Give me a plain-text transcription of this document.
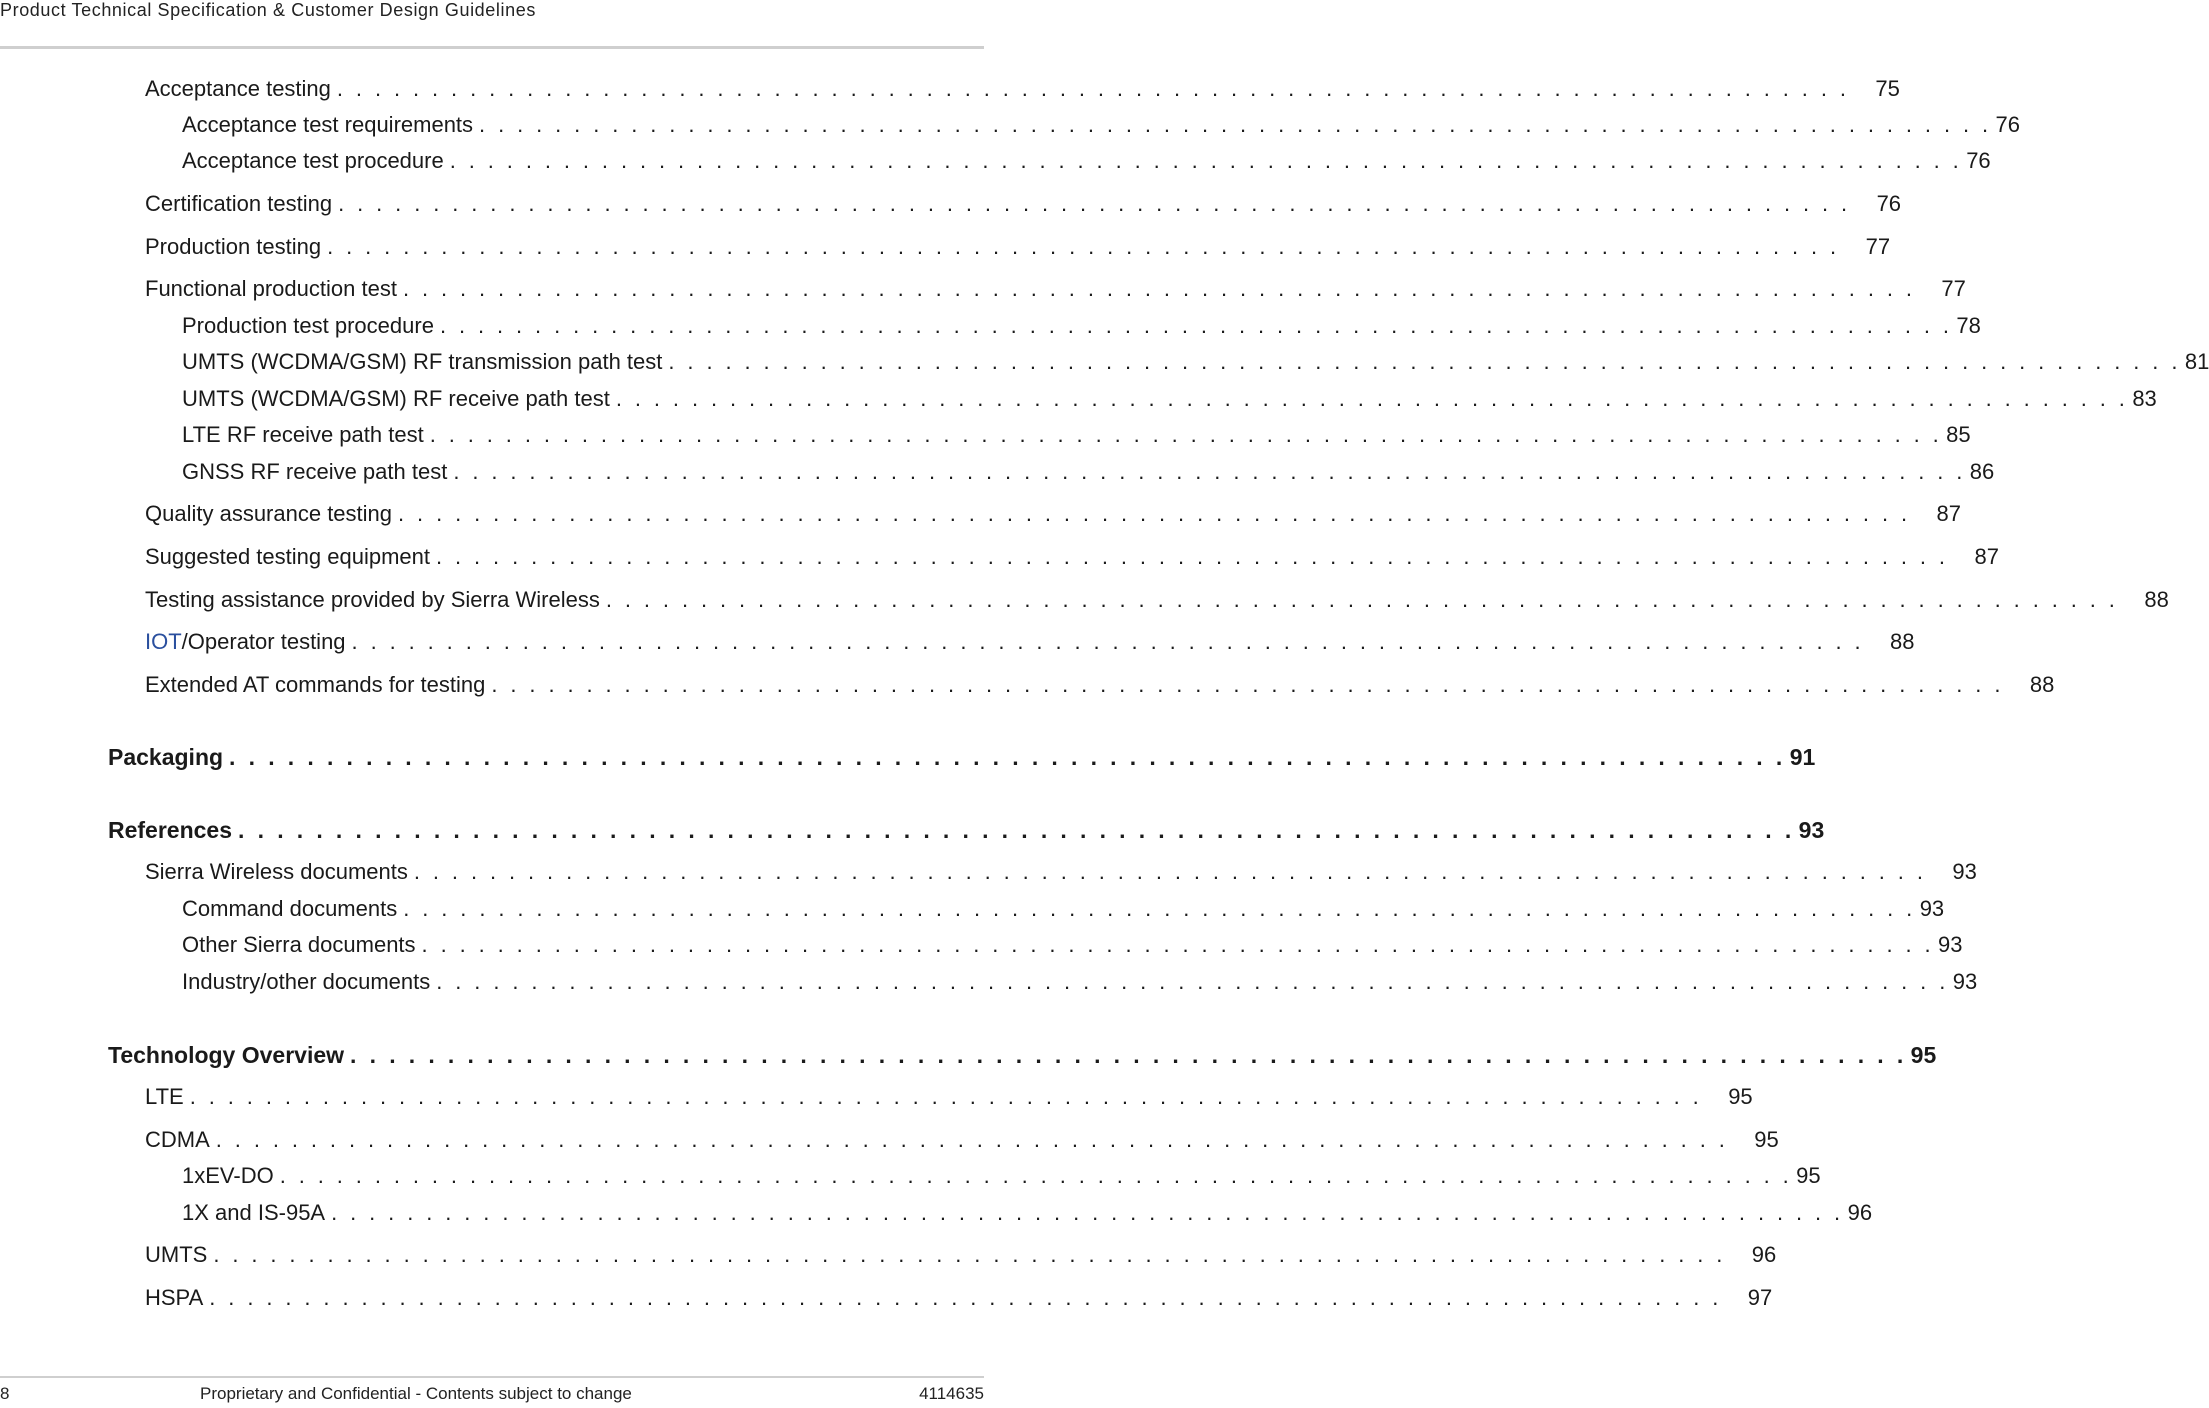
Product Technical Specification & Customer Design Guidelines
Acceptance testing . . . . . . . . . . . . . . . . . . . . . . . . . . . . . . . . . . . . . . . . . . . . . . . . . . . . . . . . . . . . . . . . . . . . . . . . . . . . . . . .	75
Acceptance test requirements . . . . . . . . . . . . . . . . . . . . . . . . . . . . . . . . . . . . . . . . . . . . . . . . . . . . . . . . . . . . . . . . . . . . . . . . . . . . . . . . 76
Acceptance test procedure . . . . . . . . . . . . . . . . . . . . . . . . . . . . . . . . . . . . . . . . . . . . . . . . . . . . . . . . . . . . . . . . . . . . . . . . . . . . . . . . 76
Certification testing . . . . . . . . . . . . . . . . . . . . . . . . . . . . . . . . . . . . . . . . . . . . . . . . . . . . . . . . . . . . . . . . . . . . . . . . . . . . . . . .	76
Production testing . . . . . . . . . . . . . . . . . . . . . . . . . . . . . . . . . . . . . . . . . . . . . . . . . . . . . . . . . . . . . . . . . . . . . . . . . . . . . . . .	77
Functional production test . . . . . . . . . . . . . . . . . . . . . . . . . . . . . . . . . . . . . . . . . . . . . . . . . . . . . . . . . . . . . . . . . . . . . . . . . . . . . . . .	77
Production test procedure . . . . . . . . . . . . . . . . . . . . . . . . . . . . . . . . . . . . . . . . . . . . . . . . . . . . . . . . . . . . . . . . . . . . . . . . . . . . . . . . 78
UMTS (WCDMA/GSM) RF transmission path test . . . . . . . . . . . . . . . . . . . . . . . . . . . . . . . . . . . . . . . . . . . . . . . . . . . . . . . . . . . . . . . . . . . . . . . . . . . . . . . . 81
UMTS (WCDMA/GSM) RF receive path test . . . . . . . . . . . . . . . . . . . . . . . . . . . . . . . . . . . . . . . . . . . . . . . . . . . . . . . . . . . . . . . . . . . . . . . . . . . . . . . . 83
LTE RF receive path test . . . . . . . . . . . . . . . . . . . . . . . . . . . . . . . . . . . . . . . . . . . . . . . . . . . . . . . . . . . . . . . . . . . . . . . . . . . . . . . . 85
GNSS RF receive path test . . . . . . . . . . . . . . . . . . . . . . . . . . . . . . . . . . . . . . . . . . . . . . . . . . . . . . . . . . . . . . . . . . . . . . . . . . . . . . . . 86
Quality assurance testing . . . . . . . . . . . . . . . . . . . . . . . . . . . . . . . . . . . . . . . . . . . . . . . . . . . . . . . . . . . . . . . . . . . . . . . . . . . . . . . .	87
Suggested testing equipment . . . . . . . . . . . . . . . . . . . . . . . . . . . . . . . . . . . . . . . . . . . . . . . . . . . . . . . . . . . . . . . . . . . . . . . . . . . . . . . .	87
Testing assistance provided by Sierra Wireless . . . . . . . . . . . . . . . . . . . . . . . . . . . . . . . . . . . . . . . . . . . . . . . . . . . . . . . . . . . . . . . . . . . . . . . . . . . . . . . .	88
IOT/Operator testing . . . . . . . . . . . . . . . . . . . . . . . . . . . . . . . . . . . . . . . . . . . . . . . . . . . . . . . . . . . . . . . . . . . . . . . . . . . . . . . .	88
Extended AT commands for testing . . . . . . . . . . . . . . . . . . . . . . . . . . . . . . . . . . . . . . . . . . . . . . . . . . . . . . . . . . . . . . . . . . . . . . . . . . . . . . . .	88
Packaging . . . . . . . . . . . . . . . . . . . . . . . . . . . . . . . . . . . . . . . . . . . . . . . . . . . . . . . . . . . . . . . . . . . . . . . . . . . . . . . . 91
References . . . . . . . . . . . . . . . . . . . . . . . . . . . . . . . . . . . . . . . . . . . . . . . . . . . . . . . . . . . . . . . . . . . . . . . . . . . . . . . . 93
Sierra Wireless documents . . . . . . . . . . . . . . . . . . . . . . . . . . . . . . . . . . . . . . . . . . . . . . . . . . . . . . . . . . . . . . . . . . . . . . . . . . . . . . . .	93
Command documents . . . . . . . . . . . . . . . . . . . . . . . . . . . . . . . . . . . . . . . . . . . . . . . . . . . . . . . . . . . . . . . . . . . . . . . . . . . . . . . . 93
Other Sierra documents . . . . . . . . . . . . . . . . . . . . . . . . . . . . . . . . . . . . . . . . . . . . . . . . . . . . . . . . . . . . . . . . . . . . . . . . . . . . . . . . 93
Industry/other documents . . . . . . . . . . . . . . . . . . . . . . . . . . . . . . . . . . . . . . . . . . . . . . . . . . . . . . . . . . . . . . . . . . . . . . . . . . . . . . . . 93
Technology Overview . . . . . . . . . . . . . . . . . . . . . . . . . . . . . . . . . . . . . . . . . . . . . . . . . . . . . . . . . . . . . . . . . . . . . . . . . . . . . . . . 95
LTE . . . . . . . . . . . . . . . . . . . . . . . . . . . . . . . . . . . . . . . . . . . . . . . . . . . . . . . . . . . . . . . . . . . . . . . . . . . . . . . .	95
CDMA . . . . . . . . . . . . . . . . . . . . . . . . . . . . . . . . . . . . . . . . . . . . . . . . . . . . . . . . . . . . . . . . . . . . . . . . . . . . . . . .	95
1xEV-DO . . . . . . . . . . . . . . . . . . . . . . . . . . . . . . . . . . . . . . . . . . . . . . . . . . . . . . . . . . . . . . . . . . . . . . . . . . . . . . . . 95
1X and IS-95A . . . . . . . . . . . . . . . . . . . . . . . . . . . . . . . . . . . . . . . . . . . . . . . . . . . . . . . . . . . . . . . . . . . . . . . . . . . . . . . . 96
UMTS . . . . . . . . . . . . . . . . . . . . . . . . . . . . . . . . . . . . . . . . . . . . . . . . . . . . . . . . . . . . . . . . . . . . . . . . . . . . . . . .	96
HSPA . . . . . . . . . . . . . . . . . . . . . . . . . . . . . . . . . . . . . . . . . . . . . . . . . . . . . . . . . . . . . . . . . . . . . . . . . . . . . . . .	97
8	Proprietary and Confidential - Contents subject to change	4114635
